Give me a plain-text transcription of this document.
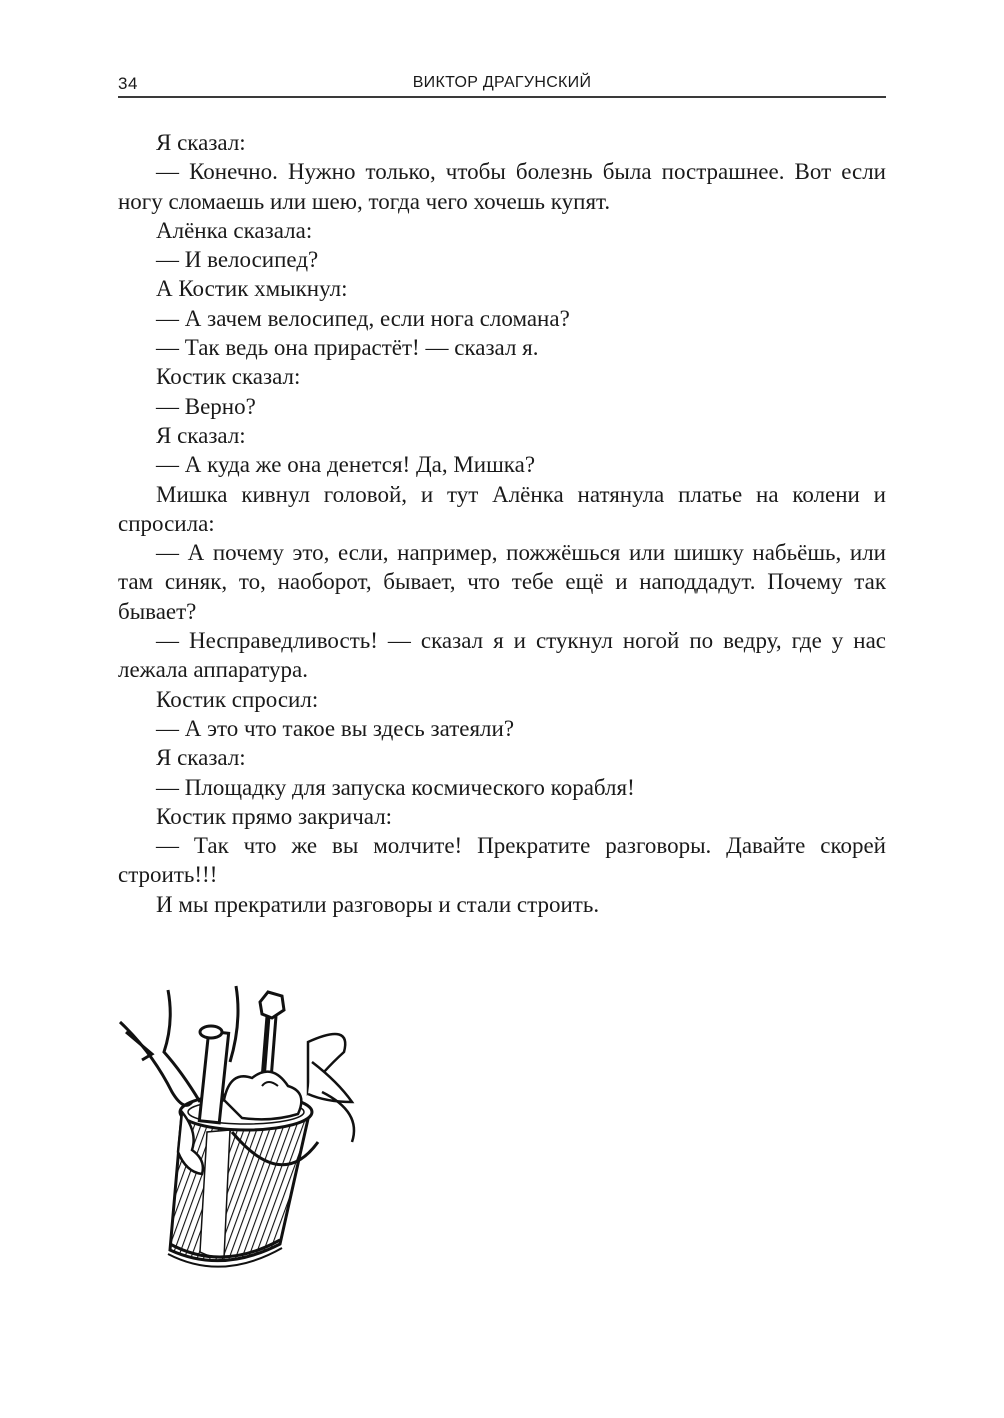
34	ВИКТОР ДРАГУНСКИЙ

Я сказал:

— Конечно. Нужно только, чтобы болезнь была пострашнее. Вот если ногу сломаешь или шею, тогда чего хочешь купят.

Алёнка сказала:

— И велосипед?

А Костик хмыкнул:

— А зачем велосипед, если нога сломана?

— Так ведь она прирастёт! — сказал я.

Костик сказал:

— Верно?

Я сказал:

— А куда же она денется! Да, Мишка?

Мишка кивнул головой, и тут Алёнка натянула платье на колени и спросила:

— А почему это, если, например, пожжёшься или шишку набьёшь, или там синяк, то, наоборот, бывает, что тебе ещё и наподдадут. Почему так бывает?

— Несправедливость! — сказал я и стукнул ногой по ведру, где у нас лежала аппаратура.

Костик спросил:

— А это что такое вы здесь затеяли?

Я сказал:

— Площадку для запуска космического корабля!

Костик прямо закричал:

— Так что же вы молчите! Прекратите разговоры. Давайте скорей строить!!!

И мы прекратили разговоры и стали строить.
